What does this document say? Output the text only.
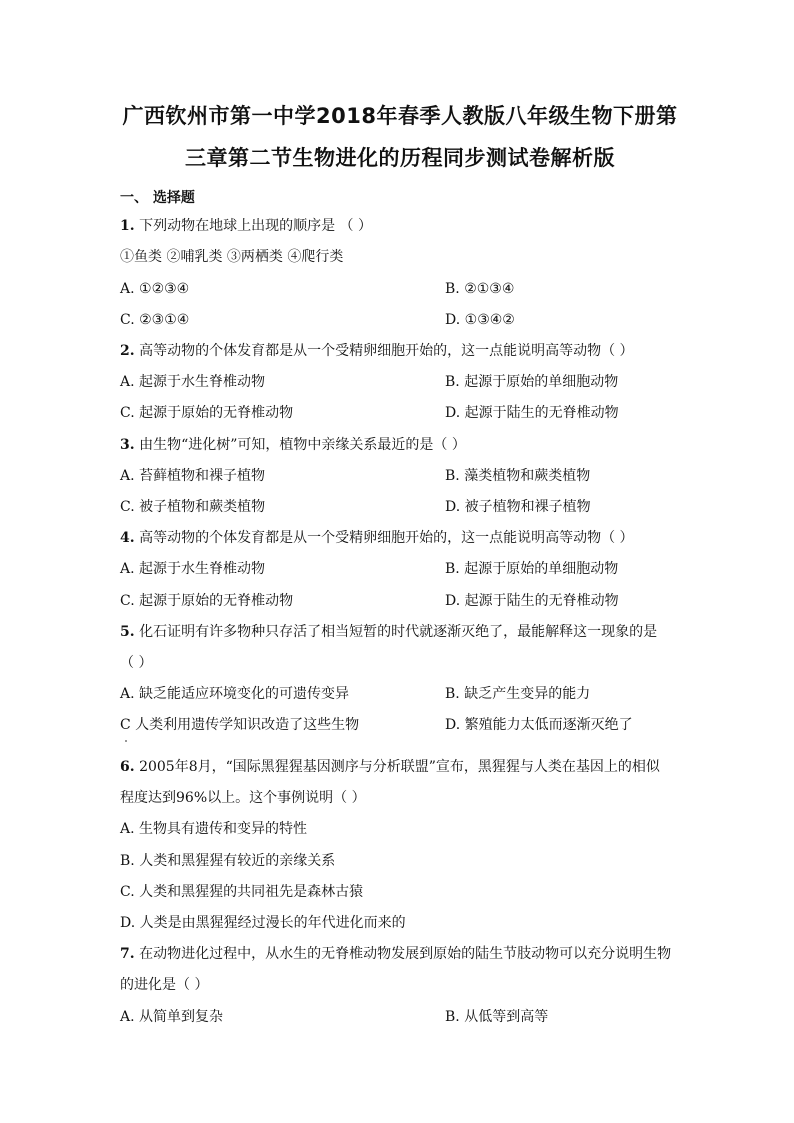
广西钦州市第一中学2018年春季人教版八年级生物下册第
三章第二节生物进化的历程同步测试卷解析版
一、 选择题
1. 下列动物在地球上出现的顺序是 （ ）
①鱼类 ②哺乳类 ③两栖类 ④爬行类
A. ①②③④	B. ②①③④
C. ②③①④	D. ①③④②
2. 高等动物的个体发育都是从一个受精卵细胞开始的，这一点能说明高等动物（ ）
A. 起源于水生脊椎动物	B. 起源于原始的单细胞动物
C. 起源于原始的无脊椎动物	D. 起源于陆生的无脊椎动物
3. 由生物“进化树”可知，植物中亲缘关系最近的是（ ）
A. 苔藓植物和裸子植物	B. 藻类植物和蕨类植物
C. 被子植物和蕨类植物	D. 被子植物和裸子植物
4. 高等动物的个体发育都是从一个受精卵细胞开始的，这一点能说明高等动物（ ）
A. 起源于水生脊椎动物	B. 起源于原始的单细胞动物
C. 起源于原始的无脊椎动物	D. 起源于陆生的无脊椎动物
5. 化石证明有许多物种只存活了相当短暂的时代就逐渐灭绝了，最能解释这一现象的是
（ ）
A. 缺乏能适应环境变化的可遗传变异	B. 缺乏产生变异的能力
C 人类利用遗传学知识改造了这些生物	D. 繁殖能力太低而逐渐灭绝了
6. 2005年8月，“国际黑猩猩基因测序与分析联盟”宣布，黑猩猩与人类在基因上的相似
程度达到96%以上。这个事例说明（ ）
A. 生物具有遗传和变异的特性
B. 人类和黑猩猩有较近的亲缘关系
C. 人类和黑猩猩的共同祖先是森林古猿
D. 人类是由黑猩猩经过漫长的年代进化而来的
7. 在动物进化过程中，从水生的无脊椎动物发展到原始的陆生节肢动物可以充分说明生物
的进化是（ ）
A. 从简单到复杂	B. 从低等到高等
